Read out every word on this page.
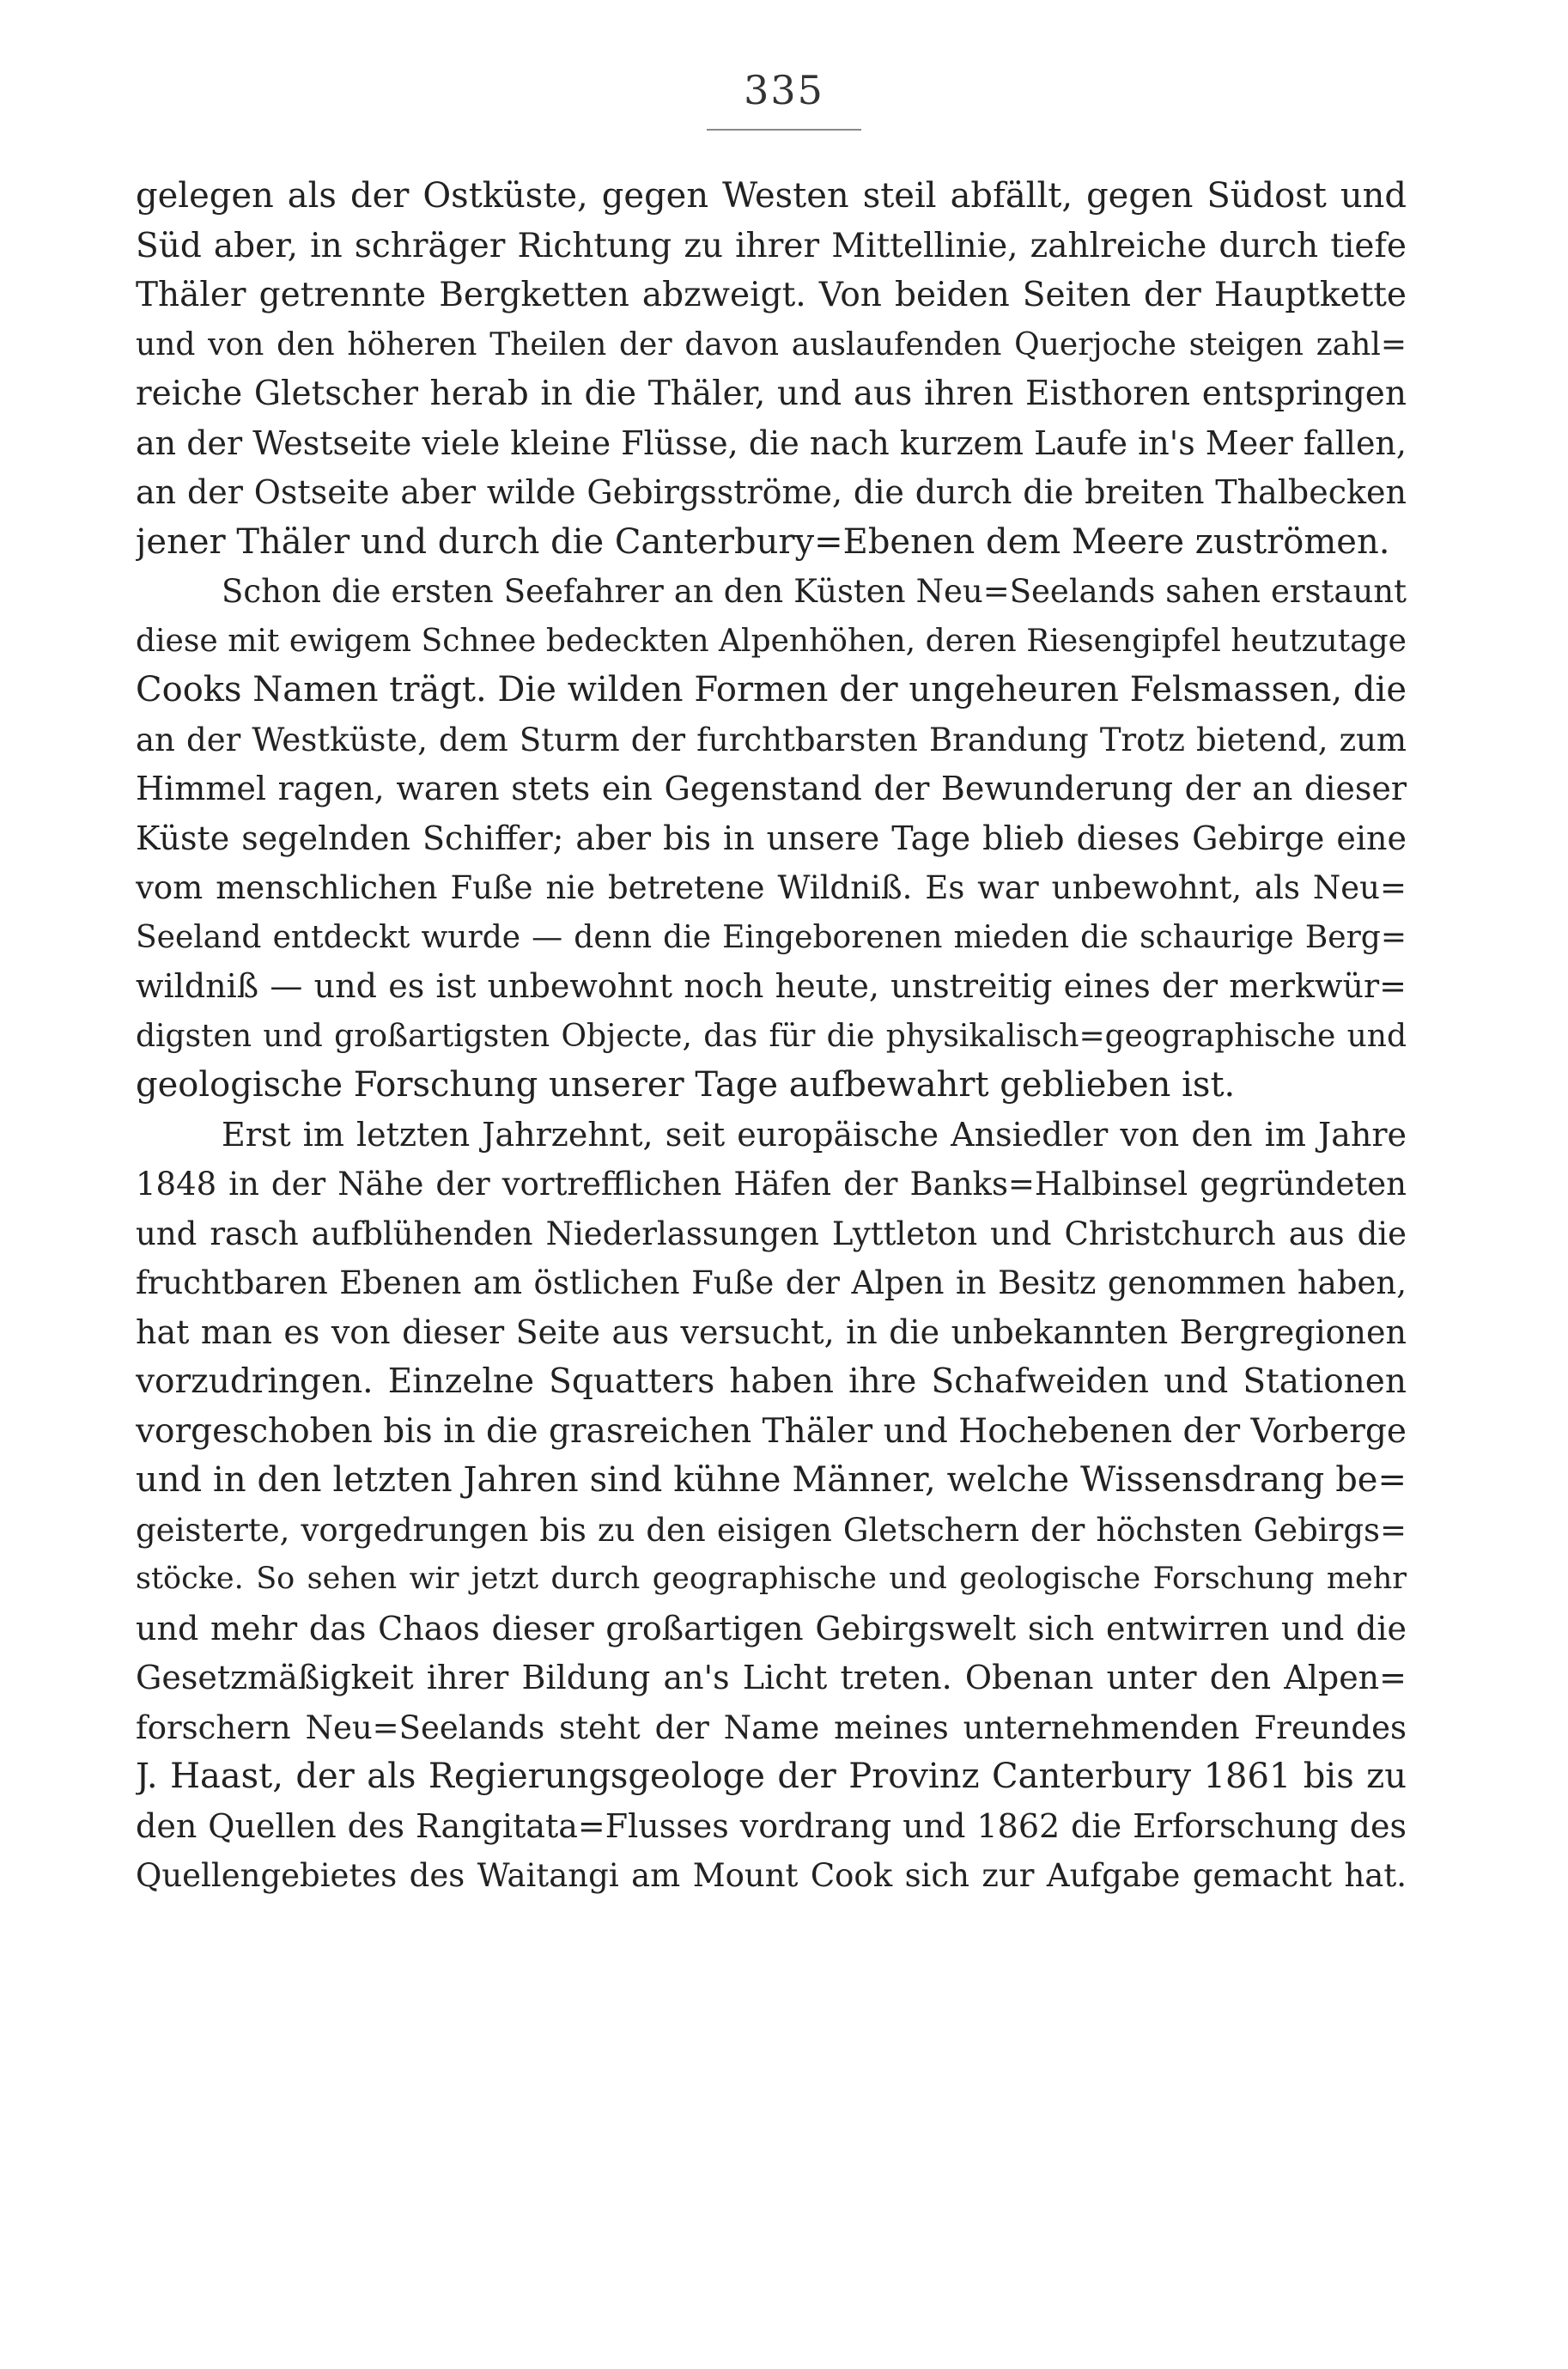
335
gelegen als der Ostküste, gegen Westen steil abfällt, gegen Südost und
Süd aber, in schräger Richtung zu ihrer Mittellinie, zahlreiche durch tiefe
Thäler getrennte Bergketten abzweigt. Von beiden Seiten der Hauptkette
und von den höheren Theilen der davon auslaufenden Querjoche steigen zahl=
reiche Gletscher herab in die Thäler, und aus ihren Eisthoren entspringen
an der Westseite viele kleine Flüsse, die nach kurzem Laufe in's Meer fallen,
an der Ostseite aber wilde Gebirgsströme, die durch die breiten Thalbecken
jener Thäler und durch die Canterbury=Ebenen dem Meere zuströmen.
Schon die ersten Seefahrer an den Küsten Neu=Seelands sahen erstaunt
diese mit ewigem Schnee bedeckten Alpenhöhen, deren Riesengipfel heutzutage
Cooks Namen trägt. Die wilden Formen der ungeheuren Felsmassen, die
an der Westküste, dem Sturm der furchtbarsten Brandung Trotz bietend, zum
Himmel ragen, waren stets ein Gegenstand der Bewunderung der an dieser
Küste segelnden Schiffer; aber bis in unsere Tage blieb dieses Gebirge eine
vom menschlichen Fuße nie betretene Wildniß. Es war unbewohnt, als Neu=
Seeland entdeckt wurde — denn die Eingeborenen mieden die schaurige Berg=
wildniß — und es ist unbewohnt noch heute, unstreitig eines der merkwür=
digsten und großartigsten Objecte, das für die physikalisch=geographische und
geologische Forschung unserer Tage aufbewahrt geblieben ist.
Erst im letzten Jahrzehnt, seit europäische Ansiedler von den im Jahre
1848 in der Nähe der vortrefflichen Häfen der Banks=Halbinsel gegründeten
und rasch aufblühenden Niederlassungen Lyttleton und Christchurch aus die
fruchtbaren Ebenen am östlichen Fuße der Alpen in Besitz genommen haben,
hat man es von dieser Seite aus versucht, in die unbekannten Bergregionen
vorzudringen. Einzelne Squatters haben ihre Schafweiden und Stationen
vorgeschoben bis in die grasreichen Thäler und Hochebenen der Vorberge
und in den letzten Jahren sind kühne Männer, welche Wissensdrang be=
geisterte, vorgedrungen bis zu den eisigen Gletschern der höchsten Gebirgs=
stöcke. So sehen wir jetzt durch geographische und geologische Forschung mehr
und mehr das Chaos dieser großartigen Gebirgswelt sich entwirren und die
Gesetzmäßigkeit ihrer Bildung an's Licht treten. Obenan unter den Alpen=
forschern Neu=Seelands steht der Name meines unternehmenden Freundes
J. Haast, der als Regierungsgeologe der Provinz Canterbury 1861 bis zu
den Quellen des Rangitata=Flusses vordrang und 1862 die Erforschung des
Quellengebietes des Waitangi am Mount Cook sich zur Aufgabe gemacht hat.
